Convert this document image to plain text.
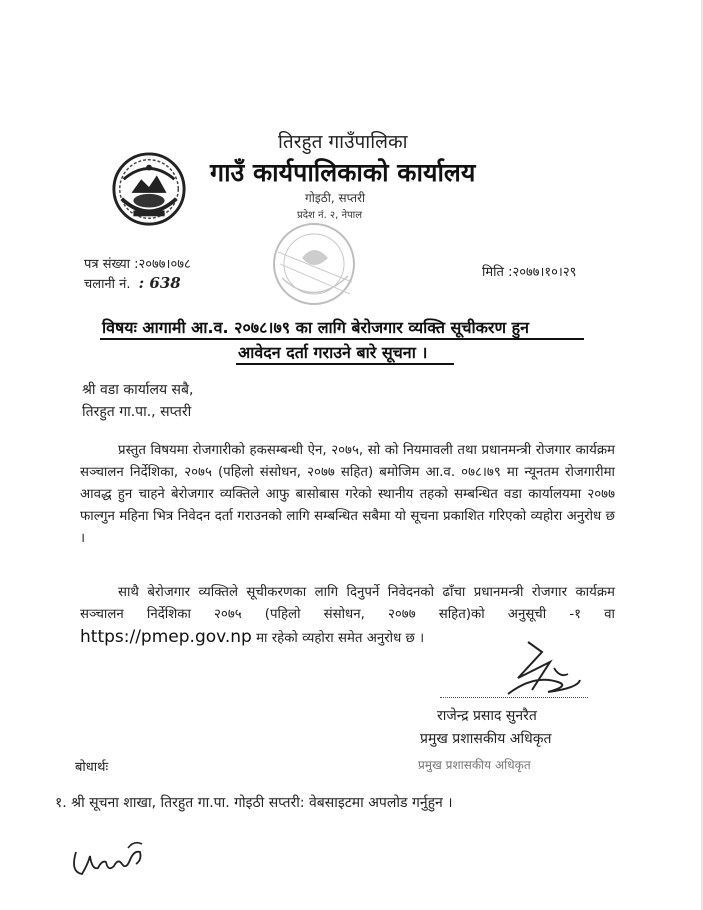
तिरहुत गाउँपालिका
गाउँ कार्यपालिकाको कार्यालय
गोइठी, सप्तरी
प्रदेश नं. २, नेपाल
पत्र संख्या :२०७७।०७८
चलानी नं. : 638
मिति :२०७७।१०।२९
विषयः आगामी आ.व. २०७८।७९ का लागि बेरोजगार व्यक्ति सूचीकरण हुन
आवेदन दर्ता गराउने बारे सूचना ।
श्री वडा कार्यालय सबै,
तिरहुत गा.पा., सप्तरी

प्रस्तुत विषयमा रोजगारीको हकसम्बन्धी ऐन, २०७५, सो को नियमावली तथा प्रधानमन्त्री रोजगार कार्यक्रम सञ्चालन निर्देशिका, २०७५ (पहिलो संसोधन, २०७७ सहित) बमोजिम आ.व. ०७८।७९ मा न्यूनतम रोजगारीमा आवद्ध हुन चाहने बेरोजगार व्यक्तिले आफु बासोबास गरेको स्थानीय तहको सम्बन्धित वडा कार्यालयमा २०७७ फाल्गुन महिना भित्र निवेदन दर्ता गराउनको लागि सम्बन्धित सबैमा यो सूचना प्रकाशित गरिएको व्यहोरा अनुरोध छ ।

साथै बेरोजगार व्यक्तिले सूचीकरणका लागि दिनुपर्ने निवेदनको ढाँचा प्रधानमन्त्री रोजगार कार्यक्रम सञ्चालन निर्देशिका २०७५ (पहिलो संसोधन, २०७७ सहित)को अनुसूची -१ वा https://pmep.gov.np मा रहेको व्यहोरा समेत अनुरोध छ ।

राजेन्द्र प्रसाद सुनरैत
प्रमुख प्रशासकीय अधिकृत
प्रमुख प्रशासकीय अधिकृत
बोधार्थः
१. श्री सूचना शाखा, तिरहुत गा.पा. गोइठी सप्तरी: वेबसाइटमा अपलोड गर्नुहुन ।
